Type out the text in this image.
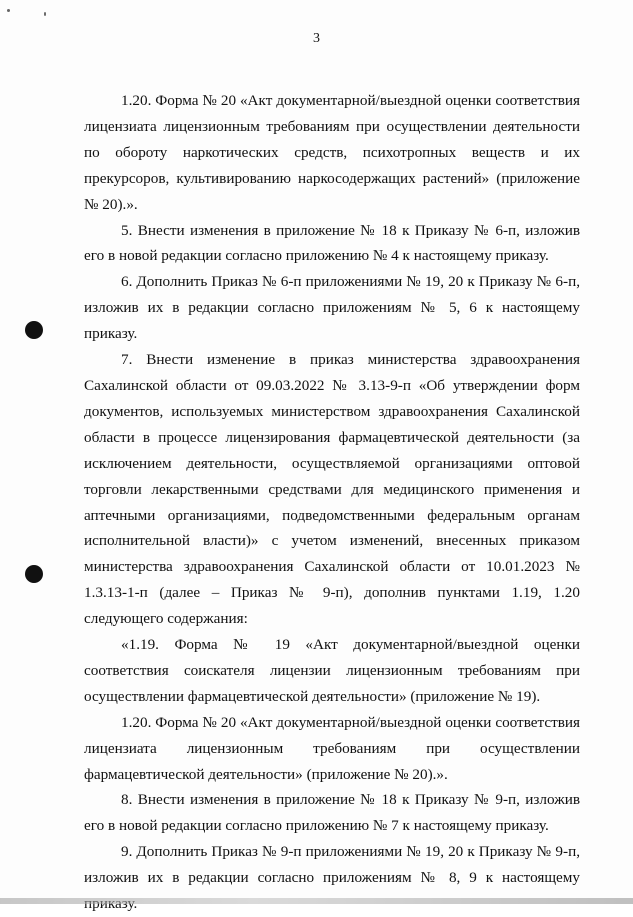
3

1.20. Форма № 20 «Акт документарной/выездной оценки соответствия лицензиата лицензионным требованиям при осуществлении деятельности по обороту наркотических средств, психотропных веществ и их прекурсоров, культивированию наркосодержащих растений» (приложение № 20).».

5. Внести изменения в приложение № 18 к Приказу № 6-п, изложив его в новой редакции согласно приложению № 4 к настоящему приказу.

6. Дополнить Приказ № 6-п приложениями № 19, 20 к Приказу № 6-п, изложив их в редакции согласно приложениям № 5, 6 к настоящему приказу.

7. Внести изменение в приказ министерства здравоохранения Сахалинской области от 09.03.2022 № 3.13-9-п «Об утверждении форм документов, используемых министерством здравоохранения Сахалинской области в процессе лицензирования фармацевтической деятельности (за исключением деятельности, осуществляемой организациями оптовой торговли лекарственными средствами для медицинского применения и аптечными организациями, подведомственными федеральным органам исполнительной власти)» с учетом изменений, внесенных приказом министерства здравоохранения Сахалинской области от 10.01.2023 № 1.3.13-1-п (далее – Приказ № 9-п), дополнив пунктами 1.19, 1.20 следующего содержания:

«1.19. Форма № 19 «Акт документарной/выездной оценки соответствия соискателя лицензии лицензионным требованиям при осуществлении фармацевтической деятельности» (приложение № 19).

1.20. Форма № 20 «Акт документарной/выездной оценки соответствия лицензиата лицензионным требованиям при осуществлении фармацевтической деятельности» (приложение № 20).».

8. Внести изменения в приложение № 18 к Приказу № 9-п, изложив его в новой редакции согласно приложению № 7 к настоящему приказу.

9. Дополнить Приказ № 9-п приложениями № 19, 20 к Приказу № 9-п, изложив их в редакции согласно приложениям № 8, 9 к настоящему
